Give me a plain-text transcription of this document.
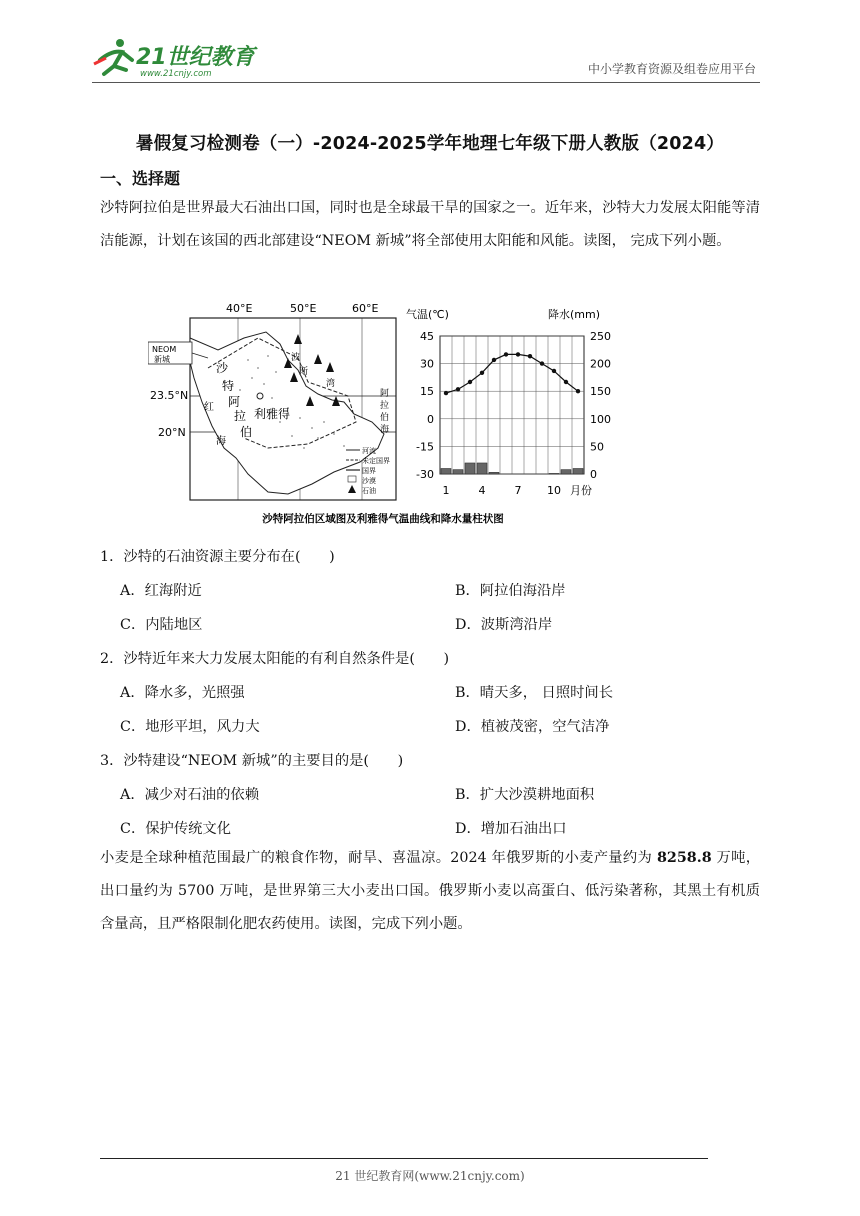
21世纪教育
www.21cnjy.com	中小学教育资源及组卷应用平台
暑假复习检测卷（一）-2024-2025学年地理七年级下册人教版（2024）
一、选择题
沙特阿拉伯是世界最大石油出口国，同时也是全球最干旱的国家之一。近年来，沙特大力发展太阳能等清洁能源，计划在该国的西北部建设“NEOM 新城”将全部使用太阳能和风能。读图， 完成下列小题。
40°E	50°E	60°E
23.5°N
20°N
NEOM
新城
沙
特
阿
拉
伯
利雅得
红
海
波
斯
湾
阿
拉
伯
海
河流
未定国界
国界
沙漠
石油
气温(℃)	降水(mm)
45
30
15
0
-15
-30
250
200
150
100
50
0
1	4	7 10 月份
沙特阿拉伯区域图及利雅得气温曲线和降水量柱状图
1．沙特的石油资源主要分布在(　　)
A．红海附近	B．阿拉伯海沿岸
C．内陆地区	D．波斯湾沿岸
2．沙特近年来大力发展太阳能的有利自然条件是(　　)
A．降水多，光照强	B．晴天多， 日照时间长
C．地形平坦，风力大	D．植被茂密，空气洁净
3．沙特建设“NEOM 新城”的主要目的是(　　)
A．减少对石油的依赖	B．扩大沙漠耕地面积
C．保护传统文化	D．增加石油出口
小麦是全球种植范围最广的粮食作物，耐旱、喜温凉。2024 年俄罗斯的小麦产量约为 8258.8 万吨，出口量约为 5700 万吨，是世界第三大小麦出口国。俄罗斯小麦以高蛋白、低污染著称，其黑土有机质含量高，且严格限制化肥农药使用。读图，完成下列小题。
21 世纪教育网(www.21cnjy.com)
